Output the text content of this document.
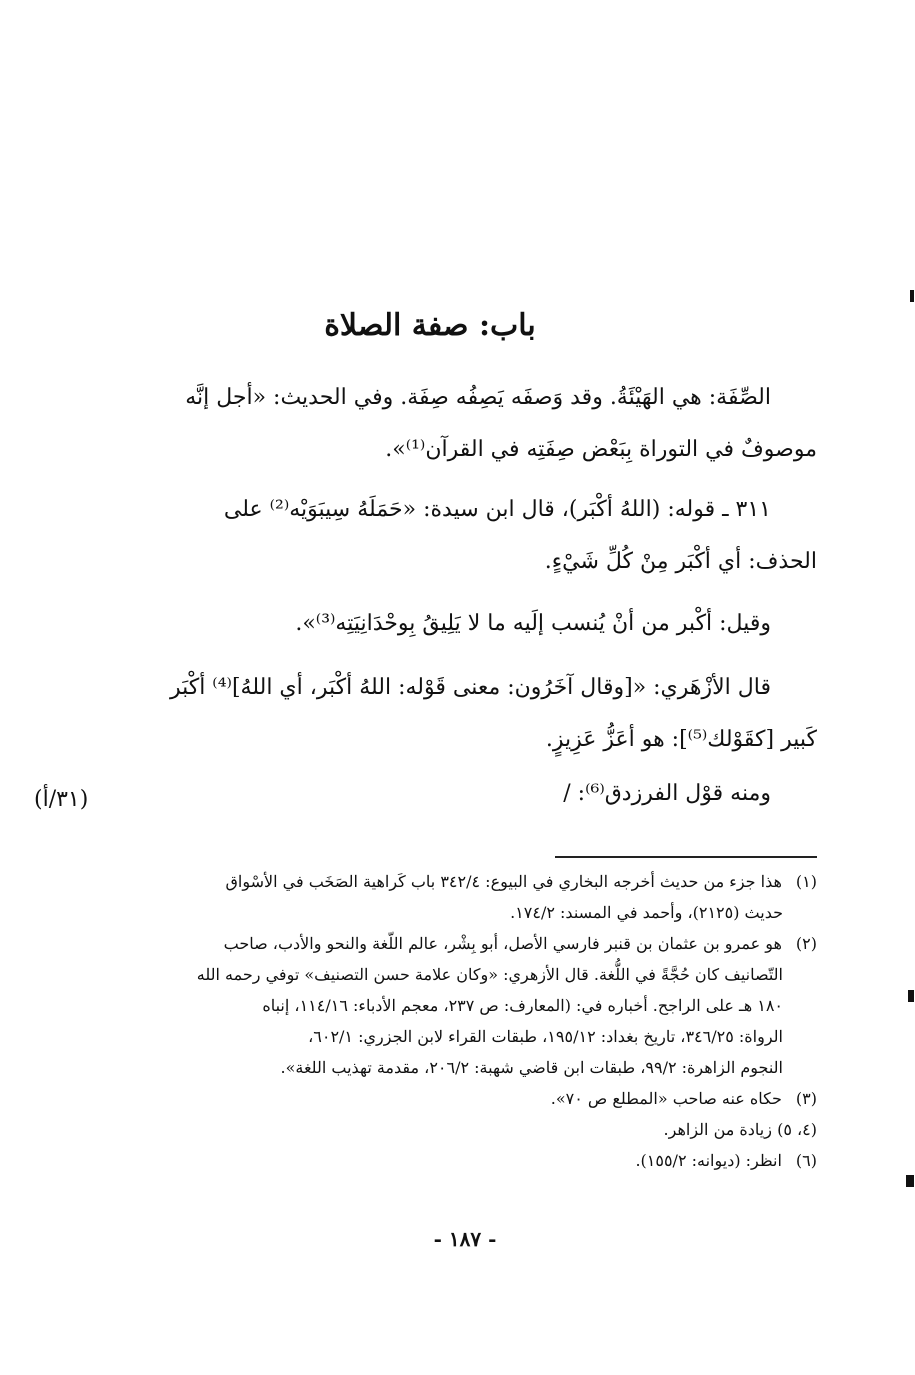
باب: صفة الصلاة
الصِّفَة: هي الهَيْئَةُ. وقد وَصفَه يَصِفُه صِفَة. وفي الحديث: «أجل إنَّه
موصوفٌ في التوراة بِبَعْض صِفَتِه في القرآن⁽¹⁾».
٣١١ ـ قوله: (اللهُ أكْبَر)، قال ابن سيدة: «حَمَلَهُ سِيبَوَيْه⁽²⁾ على
الحذف: أي أكْبَر مِنْ كُلِّ شَيْءٍ.
وقيل: أكْبر من أنْ يُنسب إلَيه ما لا يَلِيقُ بِوحْدَانِيَتِه⁽³⁾».
قال الأزْهَري: «[وقال آخَرُون: معنى قَوْله: اللهُ أكْبَر، أي اللهُ]⁽⁴⁾ أكْبَر
كَبير [كقَوْلك⁽⁵⁾]: هو أعَزُّ عَزِيزٍ.
ومنه قوْل الفرزدق⁽⁶⁾: /
(٣١/أ)
(١) هذا جزء من حديث أخرجه البخاري في البيوع: ٣٤٢/٤ باب كَراهية الصَخَب في الأسْواق
حديث (٢١٢٥)، وأحمد في المسند: ١٧٤/٢.
(٢) هو عمرو بن عثمان بن قنبر فارسي الأصل، أبو بِشْر، عالم اللّغة والنحو والأدب، صاحب
التّصانيف كان حُجَّةً في اللُّغة. قال الأزهري: «وكان علامة حسن التصنيف» توفي رحمه الله
١٨٠ هـ على الراجح. أخباره في: (المعارف: ص ٢٣٧، معجم الأدباء: ١١٤/١٦، إنباه
الرواة: ٣٤٦/٢٥، تاريخ بغداد: ١٩٥/١٢، طبقات القراء لابن الجزري: ٦٠٢/١،
النجوم الزاهرة: ٩٩/٢، طبقات ابن قاضي شهبة: ٢٠٦/٢، مقدمة تهذيب اللغة».
(٣) حكاه عنه صاحب «المطلع ص ٧٠».
(٤، ٥) زيادة من الزاهر.
(٦) انظر: (ديوانه: ١٥٥/٢).
- ١٨٧ -
